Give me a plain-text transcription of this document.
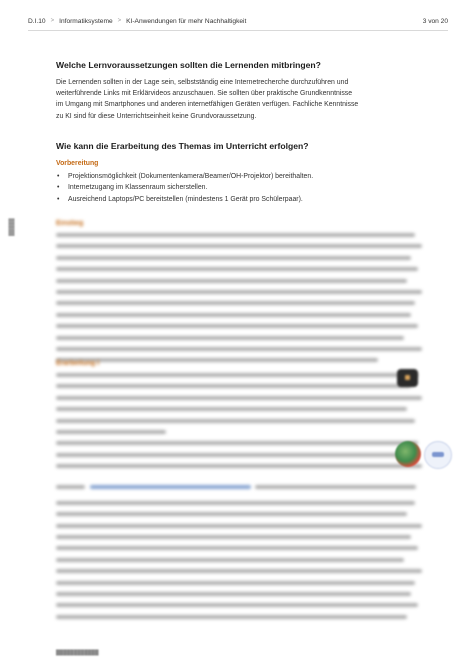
D.I.10 > Informatiksysteme > KI-Anwendungen für mehr Nachhaltigkeit	3 von 20
Welche Lernvoraussetzungen sollten die Lernenden mitbringen?
Die Lernenden sollten in der Lage sein, selbstständig eine Internetrecherche durchzuführen und
weiterführende Links mit Erklärvideos anzuschauen. Sie sollten über praktische Grundkenntnisse
im Umgang mit Smartphones und anderen internetfähigen Geräten verfügen. Fachliche Kenntnisse
zu KI sind für diese Unterrichtseinheit keine Grundvoraussetzung.
Wie kann die Erarbeitung des Themas im Unterricht erfolgen?
Vorbereitung
• Projektionsmöglichkeit (Dokumentenkamera/Beamer/OH-Projektor) bereithalten.
• Internetzugang im Klassenraum sicherstellen.
• Ausreichend Laptops/PC bereitstellen (mindestens 1 Gerät pro Schülerpaar).
Einstieg
Erarbeitung I

█████
████████████
